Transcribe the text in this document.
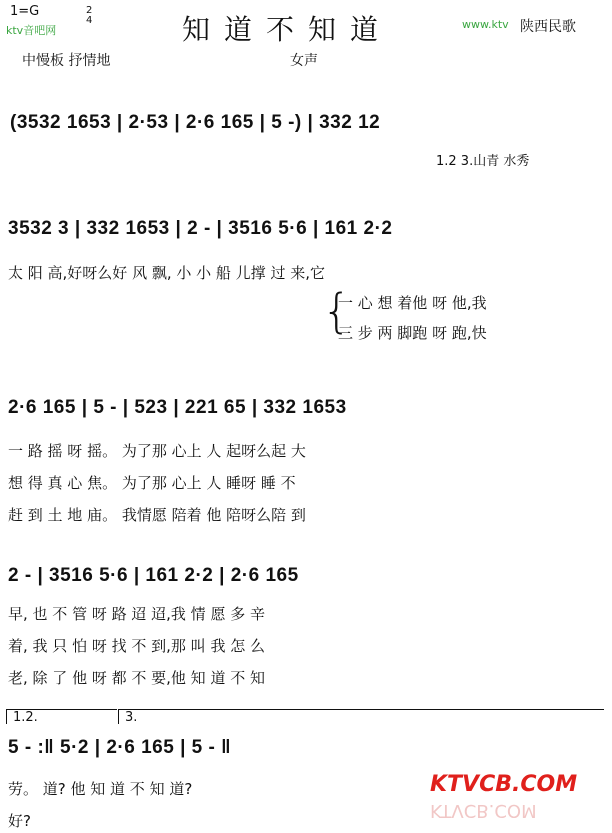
1=G	2
4
ktv音吧网	www.ktv
知道不知道	陕西民歌
中慢板 抒情地	女声
(3532 1653 | 2·53 | 2·6 165 | 5 -) | 332 12
1.2 3.山青 水秀
3532 3 | 332 1653 | 2 - | 3516 5·6 | 161 2·2
太 阳 高,好呀么好 风 飘, 小 小 船 儿撑 过 来,它
一 心 想 着他 呀 他,我
三 步 两 脚跑 呀 跑,快
{
2·6 165 | 5 - | 523 | 221 65 | 332 1653
一 路 摇 呀 摇。 为了那 心上 人 起呀么起 大
想 得 真 心 焦。 为了那 心上 人 睡呀 睡 不
赶 到 土 地 庙。 我情愿 陪着 他 陪呀么陪 到
2 - | 3516 5·6 | 161 2·2 | 2·6 165
早, 也 不 管 呀 路 迢 迢,我 情 愿 多 辛
着, 我 只 怕 呀 找 不 到,那 叫 我 怎 么
老, 除 了 他 呀 都 不 要,他 知 道 不 知
1.2.	3.
5 - :‖ 5·2 | 2·6 165 | 5 - ‖
劳。 道? 他 知 道 不 知 道?
好?
KTVCB.COM
KTVCB.COM
